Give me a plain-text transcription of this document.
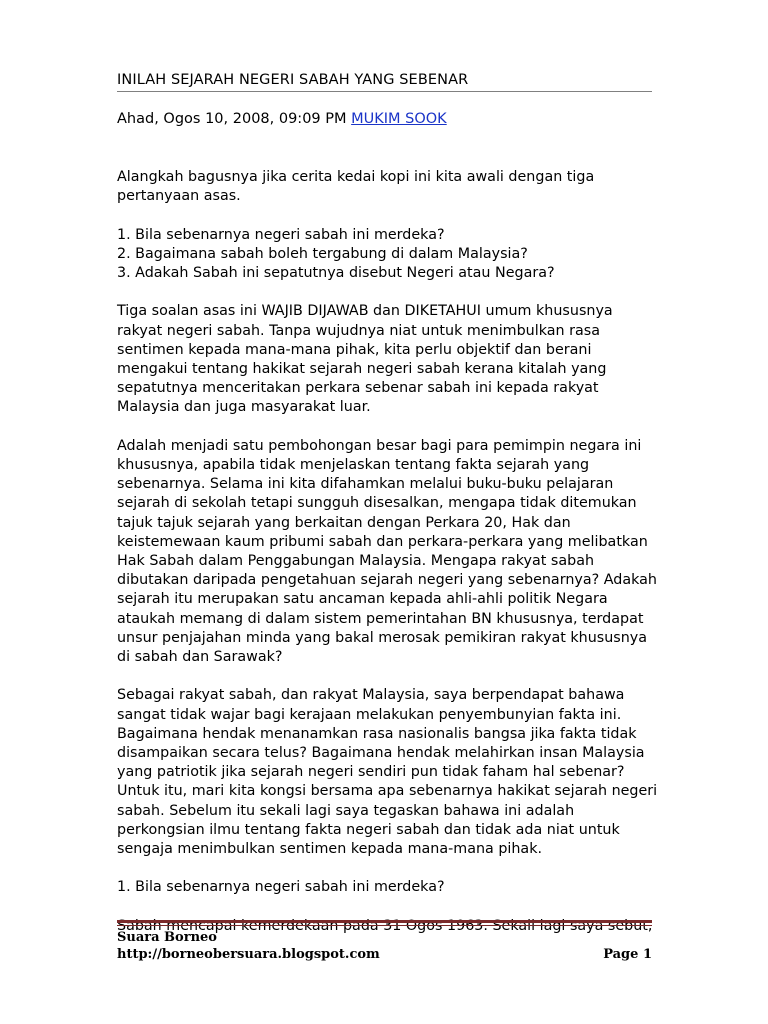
INILAH SEJARAH NEGERI SABAH YANG SEBENAR
Ahad, Ogos 10, 2008, 09:09 PM MUKIM SOOK

Alangkah bagusnya jika cerita kedai kopi ini kita awali dengan tiga pertanyaan asas.

1. Bila sebenarnya negeri sabah ini merdeka?
2. Bagaimana sabah boleh tergabung di dalam Malaysia?
3. Adakah Sabah ini sepatutnya disebut Negeri atau Negara?

Tiga soalan asas ini WAJIB DIJAWAB dan DIKETAHUI umum khususnya rakyat negeri sabah. Tanpa wujudnya niat untuk menimbulkan rasa sentimen kepada mana-mana pihak, kita perlu objektif dan berani mengakui tentang hakikat sejarah negeri sabah kerana kitalah yang sepatutnya menceritakan perkara sebenar sabah ini kepada rakyat Malaysia dan juga masyarakat luar.

Adalah menjadi satu pembohongan besar bagi para pemimpin negara ini khususnya, apabila tidak menjelaskan tentang fakta sejarah yang sebenarnya. Selama ini kita difahamkan melalui buku-buku pelajaran sejarah di sekolah tetapi sungguh disesalkan, mengapa tidak ditemukan tajuk tajuk sejarah yang berkaitan dengan Perkara 20, Hak dan keistemewaan kaum pribumi sabah dan perkara-perkara yang melibatkan Hak Sabah dalam Penggabungan Malaysia. Mengapa rakyat sabah dibutakan daripada pengetahuan sejarah negeri yang sebenarnya? Adakah sejarah itu merupakan satu ancaman kepada ahli-ahli politik Negara ataukah memang di dalam sistem pemerintahan BN khususnya, terdapat unsur penjajahan minda yang bakal merosak pemikiran rakyat khususnya di sabah dan Sarawak?

Sebagai rakyat sabah, dan rakyat Malaysia, saya berpendapat bahawa sangat tidak wajar bagi kerajaan melakukan penyembunyian fakta ini. Bagaimana hendak menanamkan rasa nasionalis bangsa jika fakta tidak disampaikan secara telus? Bagaimana hendak melahirkan insan Malaysia yang patriotik jika sejarah negeri sendiri pun tidak faham hal sebenar? Untuk itu, mari kita kongsi bersama apa sebenarnya hakikat sejarah negeri sabah. Sebelum itu sekali lagi saya tegaskan bahawa ini adalah perkongsian ilmu tentang fakta negeri sabah dan tidak ada niat untuk sengaja menimbulkan sentimen kepada mana-mana pihak.

1. Bila sebenarnya negeri sabah ini merdeka?

Sabah mencapai kemerdekaan pada 31 Ogos 1963. Sekali lagi saya sebut,

Suara Borneo
http://borneobersuara.blogspot.com	Page 1
